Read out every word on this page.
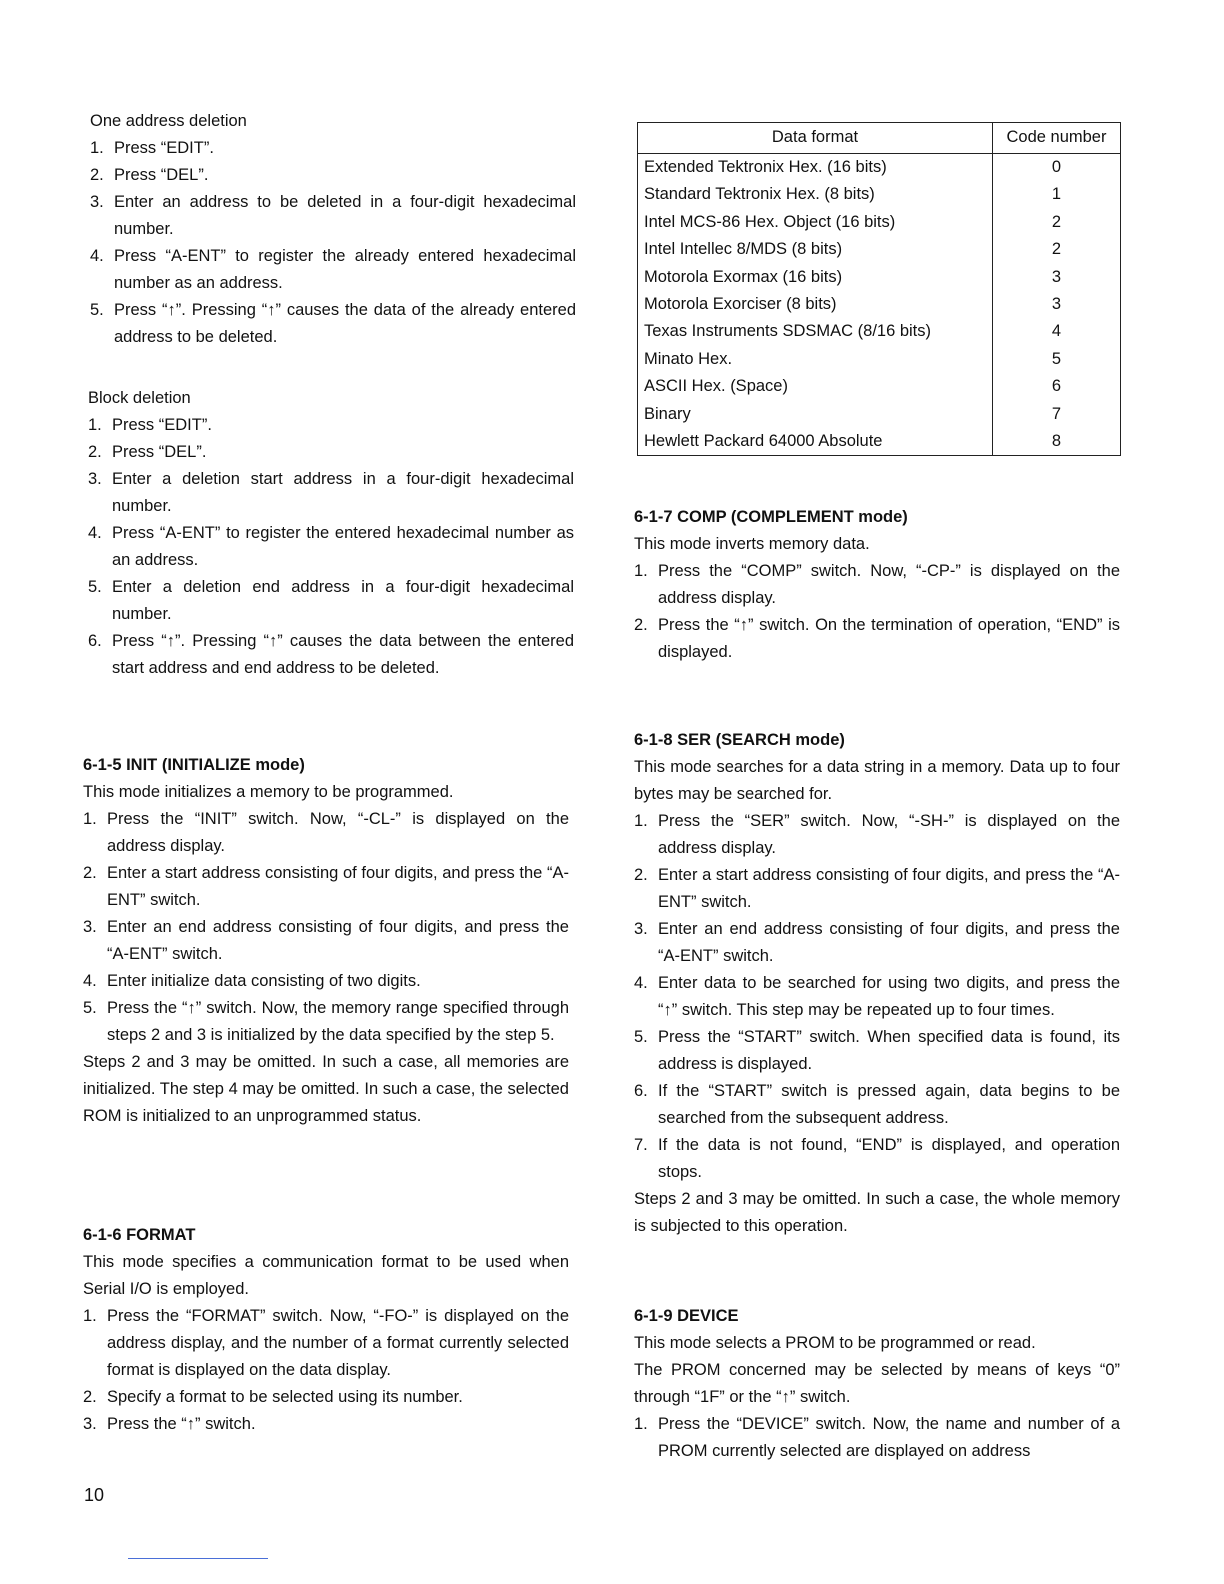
One address deletion

1. Press “EDIT”.
2. Press “DEL”.
3. Enter an address to be deleted in a four-digit hexadecimal number.
4. Press “A-ENT” to register the already entered hexadecimal number as an address.
5. Press “↑”. Pressing “↑” causes the data of the already entered address to be deleted.

Block deletion

1. Press “EDIT”.
2. Press “DEL”.
3. Enter a deletion start address in a four-digit hexadecimal number.
4. Press “A-ENT” to register the entered hexadecimal number as an address.
5. Enter a deletion end address in a four-digit hexadecimal number.
6. Press “↑”. Pressing “↑” causes the data between the entered start address and end address to be deleted.

6-1-5 INIT (INITIALIZE mode)

This mode initializes a memory to be programmed.

1. Press the “INIT” switch. Now, “-CL-” is displayed on the address display.
2. Enter a start address consisting of four digits, and press the “A-ENT” switch.
3. Enter an end address consisting of four digits, and press the “A-ENT” switch.
4. Enter initialize data consisting of two digits.
5. Press the “↑” switch. Now, the memory range specified through steps 2 and 3 is initialized by the data specified by the step 5.

Steps 2 and 3 may be omitted. In such a case, all memories are initialized. The step 4 may be omitted. In such a case, the selected ROM is initialized to an unprogrammed status.

6-1-6 FORMAT

This mode specifies a communication format to be used when Serial I/O is employed.

1. Press the “FORMAT” switch. Now, “-FO-” is displayed on the address display, and the number of a format currently selected format is displayed on the data display.
2. Specify a format to be selected using its number.
3. Press the “↑” switch.
Data format	Code number
Extended Tektronix Hex. (16 bits)	0
Standard Tektronix Hex. (8 bits)	1
Intel MCS-86 Hex. Object (16 bits)	2
Intel Intellec 8/MDS (8 bits)	2
Motorola Exormax (16 bits)	3
Motorola Exorciser (8 bits)	3
Texas Instruments SDSMAC (8/16 bits)	4
Minato Hex.	5
ASCII Hex. (Space)	6
Binary	7
Hewlett Packard 64000 Absolute	8

6-1-7 COMP (COMPLEMENT mode)

This mode inverts memory data.

1. Press the “COMP” switch. Now, “-CP-” is displayed on the address display.
2. Press the “↑” switch. On the termination of operation, “END” is displayed.

6-1-8 SER (SEARCH mode)

This mode searches for a data string in a memory. Data up to four bytes may be searched for.

1. Press the “SER” switch. Now, “-SH-” is displayed on the address display.
2. Enter a start address consisting of four digits, and press the “A-ENT” switch.
3. Enter an end address consisting of four digits, and press the “A-ENT” switch.
4. Enter data to be searched for using two digits, and press the “↑” switch. This step may be repeated up to four times.
5. Press the “START” switch. When specified data is found, its address is displayed.
6. If the “START” switch is pressed again, data begins to be searched from the subsequent address.
7. If the data is not found, “END” is displayed, and operation stops.

Steps 2 and 3 may be omitted. In such a case, the whole memory is subjected to this operation.

6-1-9 DEVICE

This mode selects a PROM to be programmed or read.

The PROM concerned may be selected by means of keys “0” through “1F” or the “↑” switch.

1. Press the “DEVICE” switch. Now, the name and number of a PROM currently selected are displayed on address
10
